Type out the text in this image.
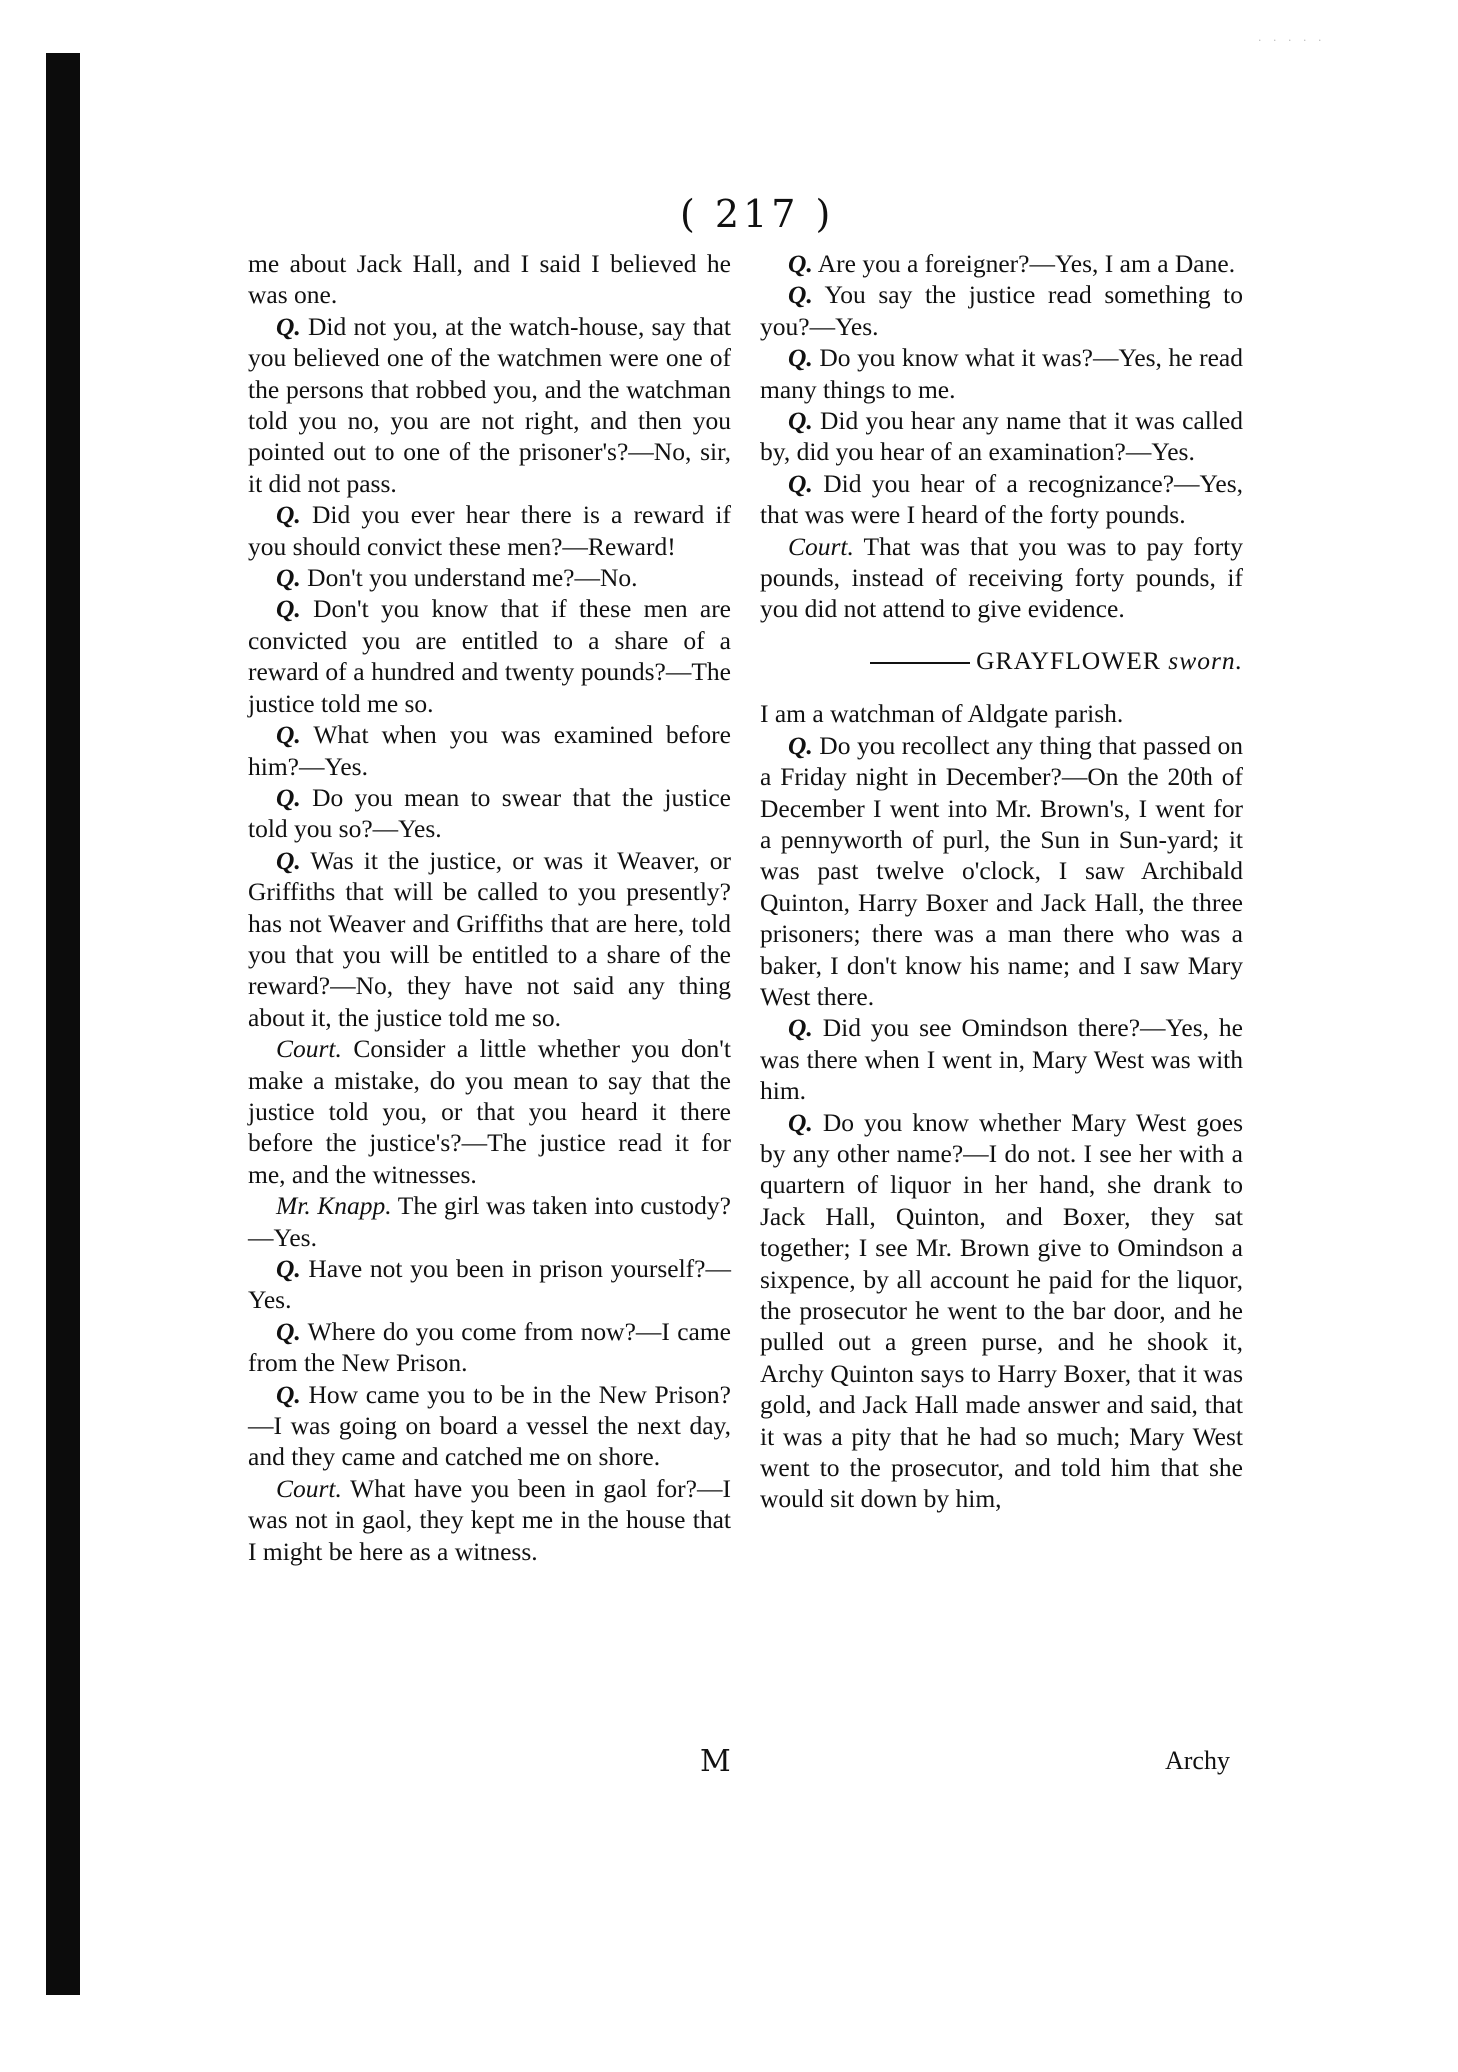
· · · · ·
( 217 )

me about Jack Hall, and I said I believed he was one.

Q. Did not you, at the watch-house, say that you believed one of the watchmen were one of the persons that robbed you, and the watchman told you no, you are not right, and then you pointed out to one of the prisoner's?—No, sir, it did not pass.

Q. Did you ever hear there is a reward if you should convict these men?—Reward!

Q. Don't you understand me?—No.

Q. Don't you know that if these men are convicted you are entitled to a share of a reward of a hundred and twenty pounds?—The justice told me so.

Q. What when you was examined before him?—Yes.

Q. Do you mean to swear that the justice told you so?—Yes.

Q. Was it the justice, or was it Weaver, or Griffiths that will be called to you presently? has not Weaver and Griffiths that are here, told you that you will be entitled to a share of the reward?—No, they have not said any thing about it, the justice told me so.

Court. Consider a little whether you don't make a mistake, do you mean to say that the justice told you, or that you heard it there before the justice's?—The justice read it for me, and the witnesses.

Mr. Knapp. The girl was taken into custody?—Yes.

Q. Have not you been in prison yourself?—Yes.

Q. Where do you come from now?—I came from the New Prison.

Q. How came you to be in the New Prison?—I was going on board a vessel the next day, and they came and catched me on shore.

Court. What have you been in gaol for?—I was not in gaol, they kept me in the house that I might be here as a witness.

Q. Are you a foreigner?—Yes, I am a Dane.

Q. You say the justice read something to you?—Yes.

Q. Do you know what it was?—Yes, he read many things to me.

Q. Did you hear any name that it was called by, did you hear of an examination?—Yes.

Q. Did you hear of a recognizance?—Yes, that was were I heard of the forty pounds.

Court. That was that you was to pay forty pounds, instead of receiving forty pounds, if you did not attend to give evidence.

GRAYFLOWER sworn.

I am a watchman of Aldgate parish.

Q. Do you recollect any thing that passed on a Friday night in December?—On the 20th of December I went into Mr. Brown's, I went for a pennyworth of purl, the Sun in Sun-yard; it was past twelve o'clock, I saw Archibald Quinton, Harry Boxer and Jack Hall, the three prisoners; there was a man there who was a baker, I don't know his name; and I saw Mary West there.

Q. Did you see Omindson there?—Yes, he was there when I went in, Mary West was with him.

Q. Do you know whether Mary West goes by any other name?—I do not. I see her with a quartern of liquor in her hand, she drank to Jack Hall, Quinton, and Boxer, they sat together; I see Mr. Brown give to Omindson a sixpence, by all account he paid for the liquor, the prosecutor he went to the bar door, and he pulled out a green purse, and he shook it, Archy Quinton says to Harry Boxer, that it was gold, and Jack Hall made answer and said, that it was a pity that he had so much; Mary West went to the prosecutor, and told him that she would sit down by him,

M	Archy
